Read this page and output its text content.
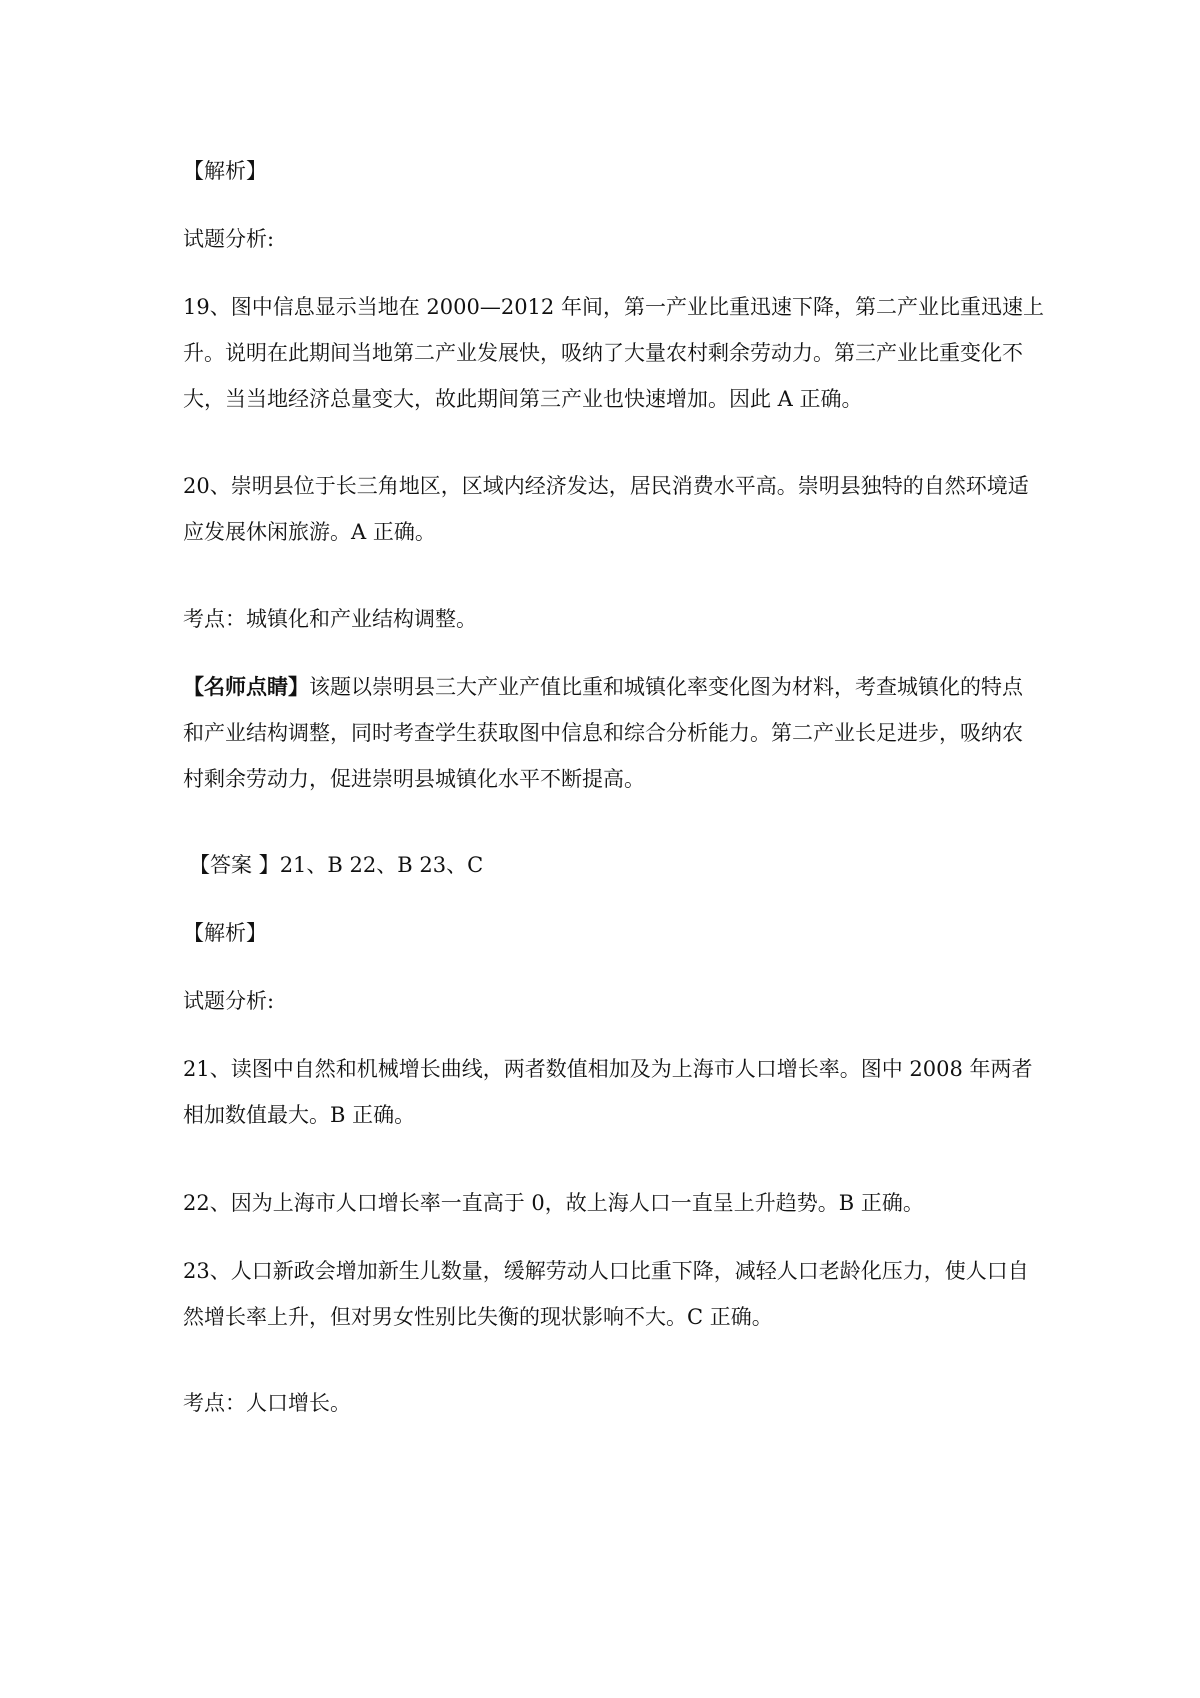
【解析】

试题分析:

19、图中信息显示当地在 2000—2012 年间，第一产业比重迅速下降，第二产业比重迅速上
升。说明在此期间当地第二产业发展快，吸纳了大量农村剩余劳动力。第三产业比重变化不
大，当当地经济总量变大，故此期间第三产业也快速增加。因此 A 正确。

20、崇明县位于长三角地区，区域内经济发达，居民消费水平高。崇明县独特的自然环境适
应发展休闲旅游。A 正确。

考点：城镇化和产业结构调整。

【名师点睛】该题以崇明县三大产业产值比重和城镇化率变化图为材料，考查城镇化的特点
和产业结构调整，同时考查学生获取图中信息和综合分析能力。第二产业长足进步，吸纳农
村剩余劳动力，促进崇明县城镇化水平不断提高。

【答案 】21、B 22、B 23、C

【解析】

试题分析:

21、读图中自然和机械增长曲线，两者数值相加及为上海市人口增长率。图中 2008 年两者
相加数值最大。B 正确。

22、因为上海市人口增长率一直高于 0，故上海人口一直呈上升趋势。B 正确。

23、人口新政会增加新生儿数量，缓解劳动人口比重下降，减轻人口老龄化压力，使人口自
然增长率上升，但对男女性别比失衡的现状影响不大。C 正确。

考点：人口增长。
